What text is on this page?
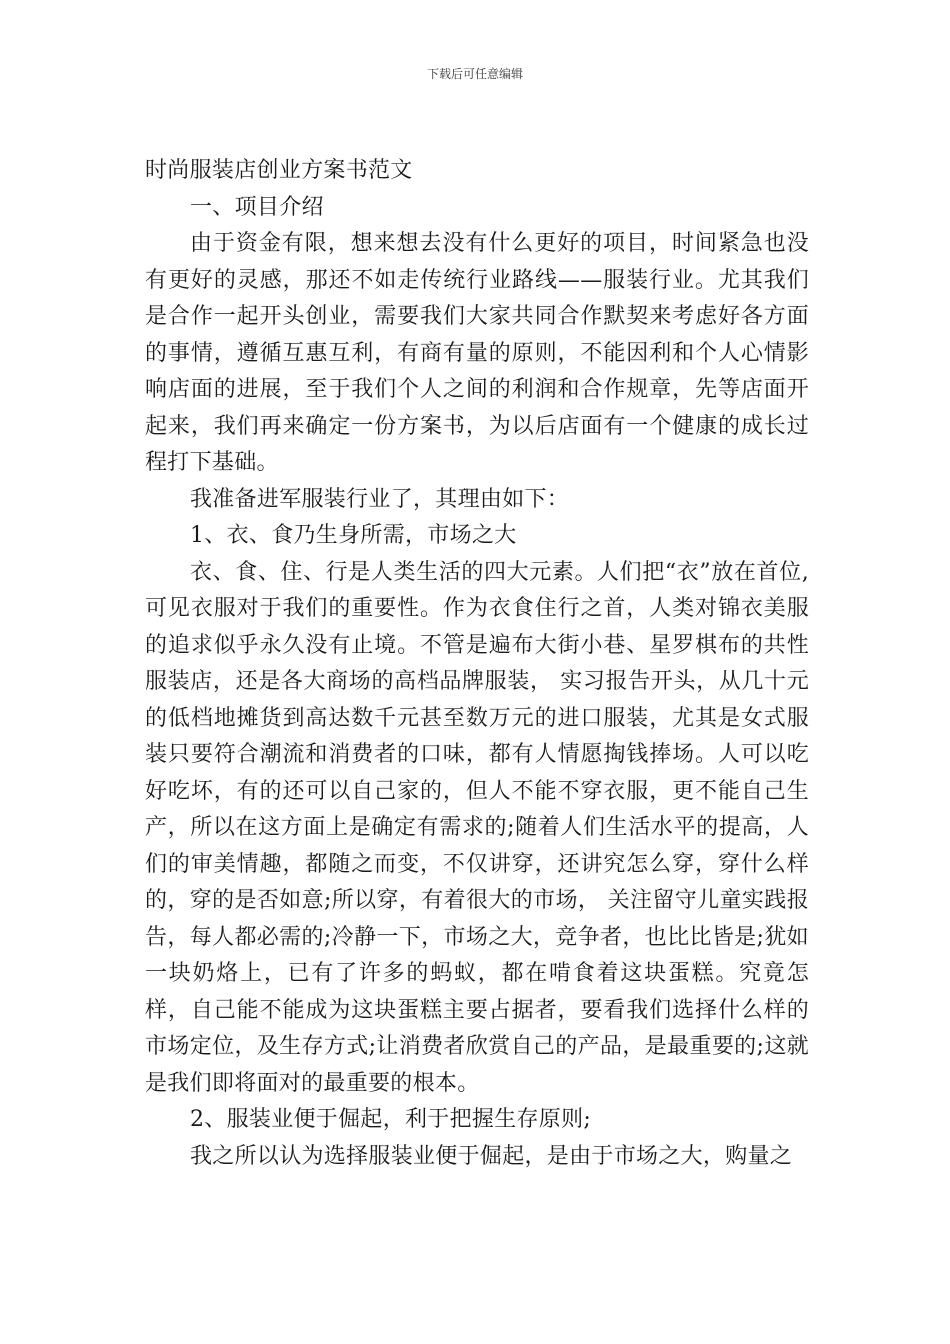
下载后可任意编辑

时尚服装店创业方案书范文

一、项目介绍

由于资金有限，想来想去没有什么更好的项目，时间紧急也没有更好的灵感，那还不如走传统行业路线——服装行业。尤其我们是合作一起开头创业，需要我们大家共同合作默契来考虑好各方面的事情，遵循互惠互利，有商有量的原则，不能因利和个人心情影响店面的进展，至于我们个人之间的利润和合作规章，先等店面开起来，我们再来确定一份方案书，为以后店面有一个健康的成长过程打下基础。

我准备进军服装行业了，其理由如下：

1、衣、食乃生身所需，市场之大

衣、食、住、行是人类生活的四大元素。人们把“衣”放在首位,可见衣服对于我们的重要性。作为衣食住行之首，人类对锦衣美服的追求似乎永久没有止境。不管是遍布大街小巷、星罗棋布的共性服装店，还是各大商场的高档品牌服装， 实习报告开头，从几十元的低档地摊货到高达数千元甚至数万元的进口服装，尤其是女式服装只要符合潮流和消费者的口味，都有人情愿掏钱捧场。人可以吃好吃坏，有的还可以自己家的，但人不能不穿衣服，更不能自己生产，所以在这方面上是确定有需求的;随着人们生活水平的提高，人们的审美情趣，都随之而变，不仅讲穿，还讲究怎么穿，穿什么样的，穿的是否如意;所以穿，有着很大的市场， 关注留守儿童实践报告，每人都必需的;冷静一下，市场之大，竞争者，也比比皆是;犹如一块奶烙上，已有了许多的蚂蚁，都在啃食着这块蛋糕。究竟怎样，自己能不能成为这块蛋糕主要占据者，要看我们选择什么样的市场定位，及生存方式;让消费者欣赏自己的产品，是最重要的;这就是我们即将面对的最重要的根本。

2、服装业便于倔起，利于把握生存原则;

我之所以认为选择服装业便于倔起，是由于市场之大，购量之
